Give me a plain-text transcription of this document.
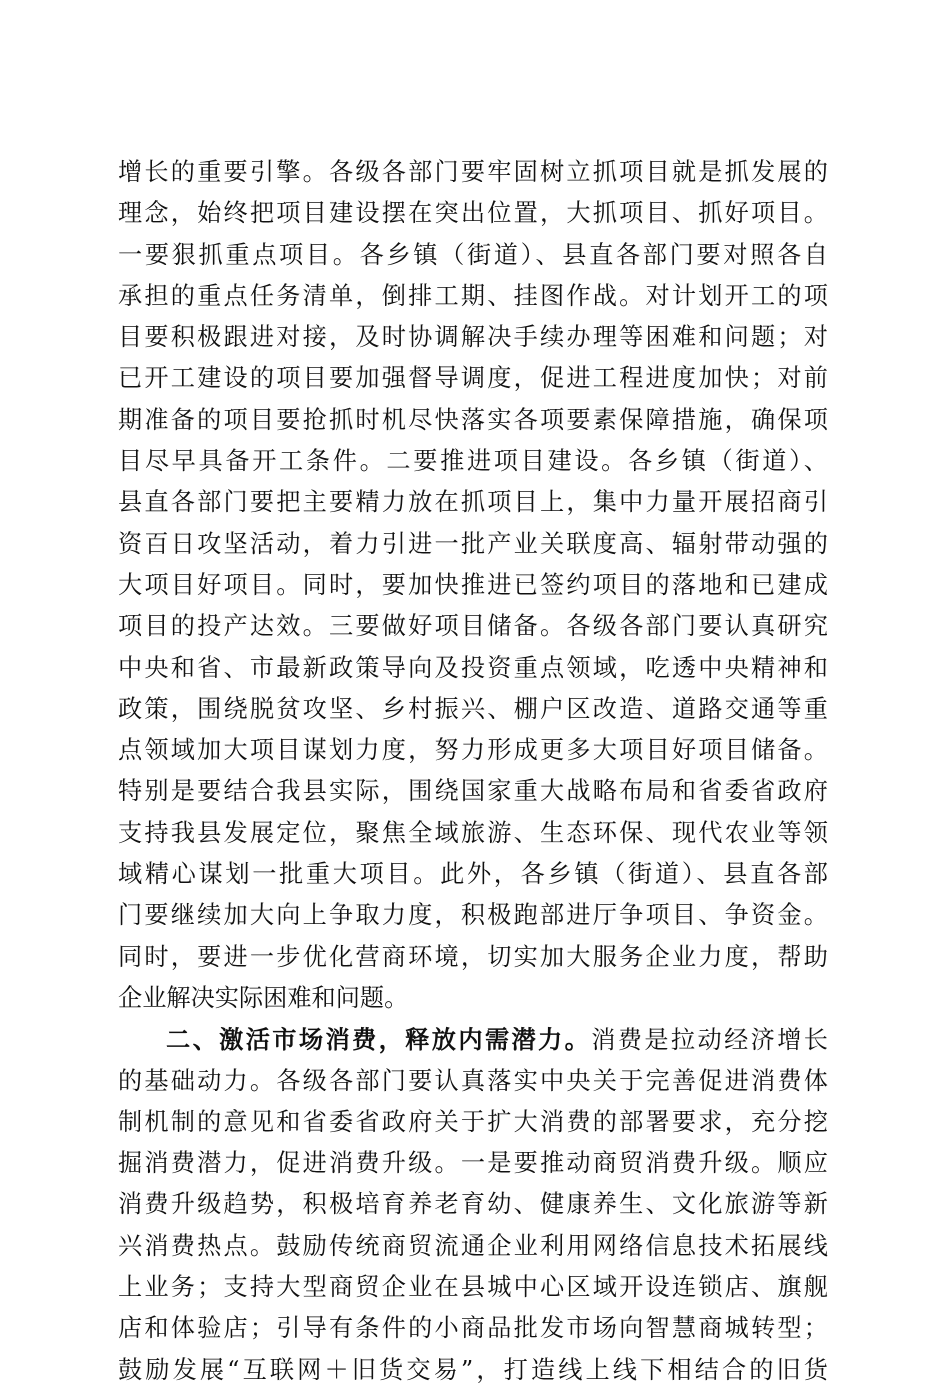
增长的重要引擎。各级各部门要牢固树立抓项目就是抓发展的
理念，始终把项目建设摆在突出位置，大抓项目、抓好项目。
一要狠抓重点项目。各乡镇（街道）、县直各部门要对照各自
承担的重点任务清单，倒排工期、挂图作战。对计划开工的项
目要积极跟进对接，及时协调解决手续办理等困难和问题；对
已开工建设的项目要加强督导调度，促进工程进度加快；对前
期准备的项目要抢抓时机尽快落实各项要素保障措施，确保项
目尽早具备开工条件。二要推进项目建设。各乡镇（街道）、
县直各部门要把主要精力放在抓项目上，集中力量开展招商引
资百日攻坚活动，着力引进一批产业关联度高、辐射带动强的
大项目好项目。同时，要加快推进已签约项目的落地和已建成
项目的投产达效。三要做好项目储备。各级各部门要认真研究
中央和省、市最新政策导向及投资重点领域，吃透中央精神和
政策，围绕脱贫攻坚、乡村振兴、棚户区改造、道路交通等重
点领域加大项目谋划力度，努力形成更多大项目好项目储备。
特别是要结合我县实际，围绕国家重大战略布局和省委省政府
支持我县发展定位，聚焦全域旅游、生态环保、现代农业等领
域精心谋划一批重大项目。此外，各乡镇（街道）、县直各部
门要继续加大向上争取力度，积极跑部进厅争项目、争资金。
同时，要进一步优化营商环境，切实加大服务企业力度，帮助
企业解决实际困难和问题。
二、激活市场消费，释放内需潜力。消费是拉动经济增长
的基础动力。各级各部门要认真落实中央关于完善促进消费体
制机制的意见和省委省政府关于扩大消费的部署要求，充分挖
掘消费潜力，促进消费升级。一是要推动商贸消费升级。顺应
消费升级趋势，积极培育养老育幼、健康养生、文化旅游等新
兴消费热点。鼓励传统商贸流通企业利用网络信息技术拓展线
上业务；支持大型商贸企业在县城中心区域开设连锁店、旗舰
店和体验店；引导有条件的小商品批发市场向智慧商城转型；
鼓励发展“互联网＋旧货交易”，打造线上线下相结合的旧货
